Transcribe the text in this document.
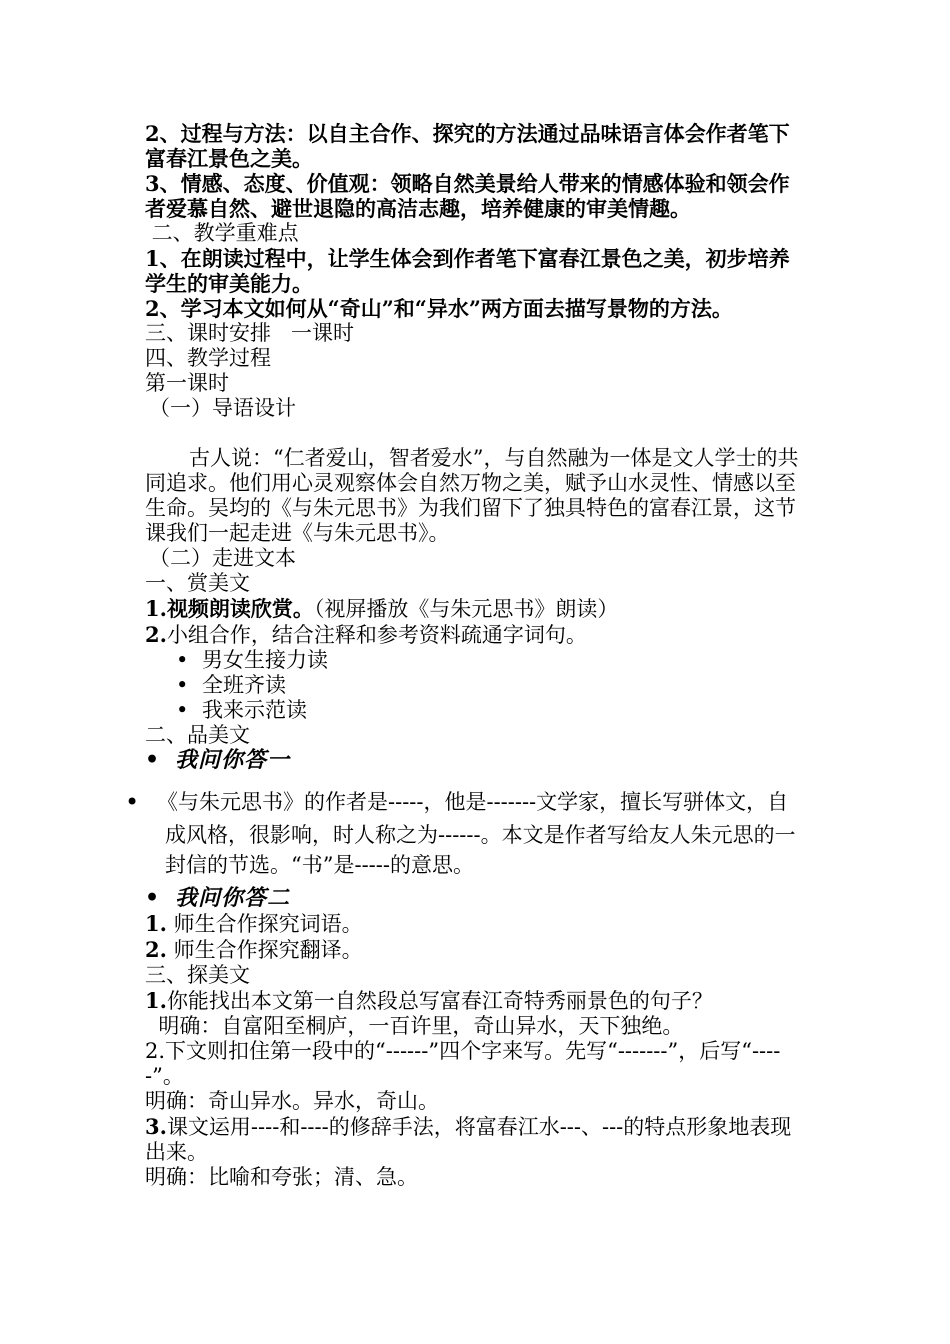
2、过程与方法：以自主合作、探究的方法通过品味语言体会作者笔下富春江景色之美。

3、情感、态度、价值观：领略自然美景给人带来的情感体验和领会作者爱慕自然、避世退隐的高洁志趣，培养健康的审美情趣。

二、教学重难点

1、在朗读过程中，让学生体会到作者笔下富春江景色之美，初步培养学生的审美能力。

2、学习本文如何从“奇山”和“异水”两方面去描写景物的方法。

三、课时安排   一课时

四、教学过程

第一课时

（一）导语设计

古人说：“仁者爱山，智者爱水”，与自然融为一体是文人学士的共同追求。他们用心灵观察体会自然万物之美，赋予山水灵性、情感以至生命。吴均的《与朱元思书》为我们留下了独具特色的富春江景，这节课我们一起走进《与朱元思书》。

（二）走进文本

一、赏美文

1.视频朗读欣赏。（视屏播放《与朱元思书》朗读）

2.小组合作，结合注释和参考资料疏通字词句。

• 男女生接力读

• 全班齐读

• 我来示范读

二、品美文

• 我问你答一

• 《与朱元思书》的作者是-----，他是-------文学家，擅长写骈体文，自

成风格，很影响，时人称之为------。本文是作者写给友人朱元思的一封信的节选。“书”是-----的意思。

• 我问你答二

1. 师生合作探究词语。

2. 师生合作探究翻译。

三、探美文

1.你能找出本文第一自然段总写富春江奇特秀丽景色的句子？

明确：自富阳至桐庐，一百许里，奇山异水，天下独绝。

2.下文则扣住第一段中的“------”四个字来写。先写“-------”，后写“-----”。

明确：奇山异水。异水，奇山。

3.课文运用----和----的修辞手法，将富春江水---、---的特点形象地表现出来。

明确：比喻和夸张；清、急。
